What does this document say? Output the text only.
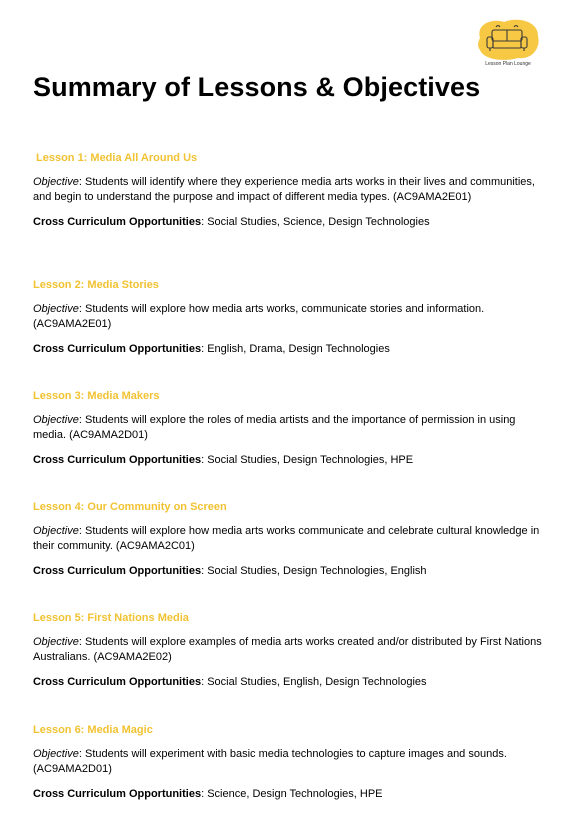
Lesson Plan Lounge
Summary of Lessons & Objectives
Lesson 1: Media All Around Us

Objective: Students will identify where they experience media arts works in their lives and communities, and begin to understand the purpose and impact of different media types. (AC9AMA2E01)

Cross Curriculum Opportunities: Social Studies, Science, Design Technologies

Lesson 2: Media Stories

Objective: Students will explore how media arts works, communicate stories and information. (AC9AMA2E01)

Cross Curriculum Opportunities: English, Drama, Design Technologies

Lesson 3: Media Makers

Objective: Students will explore the roles of media artists and the importance of permission in using media. (AC9AMA2D01)

Cross Curriculum Opportunities: Social Studies, Design Technologies, HPE

Lesson 4: Our Community on Screen

Objective: Students will explore how media arts works communicate and celebrate cultural knowledge in their community. (AC9AMA2C01)

Cross Curriculum Opportunities: Social Studies, Design Technologies, English

Lesson 5: First Nations Media

Objective: Students will explore examples of media arts works created and/or distributed by First Nations Australians. (AC9AMA2E02)

Cross Curriculum Opportunities: Social Studies, English, Design Technologies

Lesson 6: Media Magic

Objective: Students will experiment with basic media technologies to capture images and sounds. (AC9AMA2D01)

Cross Curriculum Opportunities: Science, Design Technologies, HPE
